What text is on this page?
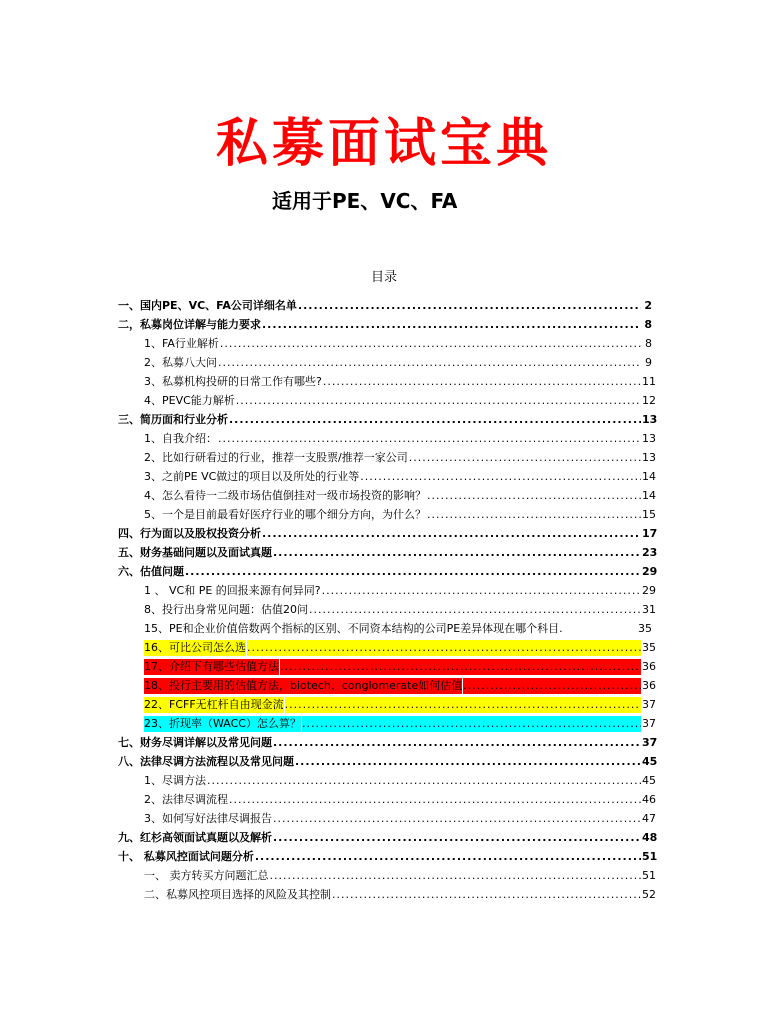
私募面试宝典
适用于PE、VC、FA
目录
一、国内PE、VC、FA公司详细名单 .....	2
二，私募岗位详解与能力要求 .....	8
1、FA行业解析 .....	8
2、私募八大问 .....	9
3、私募机构投研的日常工作有哪些? .....	11
4、PEVC能力解析 .....	12
三、简历面和行业分析 .....	13
1、自我介绍： .....	13
2、比如行研看过的行业，推荐一支股票/推荐一家公司 .....	13
3、之前PE VC做过的项目以及所处的行业等 .....	14
4、怎么看待一二级市场估值倒挂对一级市场投资的影响？ .....	14
5、一个是目前最看好医疗行业的哪个细分方向，为什么？ .....	15
四、行为面以及股权投资分析 .....	17
五、财务基础问题以及面试真题 .....	23
六、估值问题 .....	29
1 、 VC和 PE 的回报来源有何异同? .....	29
8、投行出身常见问题：估值20问 .....	31
15、PE和企业价值倍数两个指标的区别、不同资本结构的公司PE差异体现在哪个科目 .	35
16、可比公司怎么选 .....	35
17、介绍下有哪些估值方法 .....	36
18、投行主要用的估值方法，biotech、conglomerate如何估值 .....	36
22、FCFF无杠杆自由现金流 .....	37
23、折现率（WACC）怎么算？ .....	37
七、财务尽调详解以及常见问题 .....	37
八、法律尽调方法流程以及常见问题 .....	45
1、尽调方法 .....	45
2、法律尽调流程 .....	46
3、如何写好法律尽调报告 .....	47
九、红杉高领面试真题以及解析 .....	48
十、 私募风控面试问题分析 .....	51
一、 卖方转买方问题汇总 .....	51
二、私募风控项目选择的风险及其控制 .....	52
